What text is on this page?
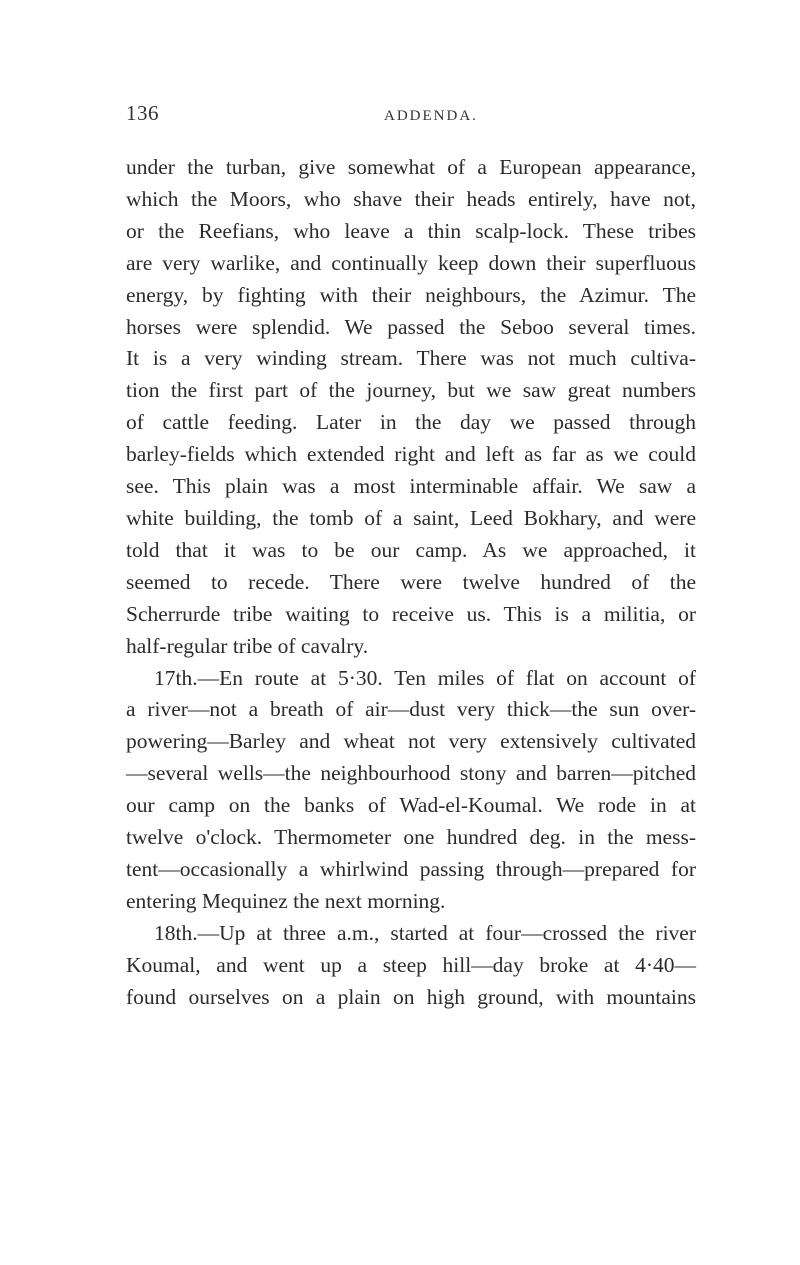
136	ADDENDA.

under the turban, give somewhat of a European appearance,

which the Moors, who shave their heads entirely, have not,

or the Reefians, who leave a thin scalp-lock. These tribes

are very warlike, and continually keep down their superfluous

energy, by fighting with their neighbours, the Azimur. The

horses were splendid. We passed the Seboo several times.

It is a very winding stream. There was not much cultiva-

tion the first part of the journey, but we saw great numbers

of cattle feeding. Later in the day we passed through

barley-fields which extended right and left as far as we could

see. This plain was a most interminable affair. We saw a

white building, the tomb of a saint, Leed Bokhary, and were

told that it was to be our camp. As we approached, it

seemed to recede. There were twelve hundred of the

Scherrurde tribe waiting to receive us. This is a militia, or

half-regular tribe of cavalry.

17th.—En route at 5·30. Ten miles of flat on account of

a river—not a breath of air—dust very thick—the sun over-

powering—Barley and wheat not very extensively cultivated

—several wells—the neighbourhood stony and barren—pitched

our camp on the banks of Wad-el-Koumal. We rode in at

twelve o'clock. Thermometer one hundred deg. in the mess-

tent—occasionally a whirlwind passing through—prepared for

entering Mequinez the next morning.

18th.—Up at three a.m., started at four—crossed the river

Koumal, and went up a steep hill—day broke at 4·40—

found ourselves on a plain on high ground, with mountains
